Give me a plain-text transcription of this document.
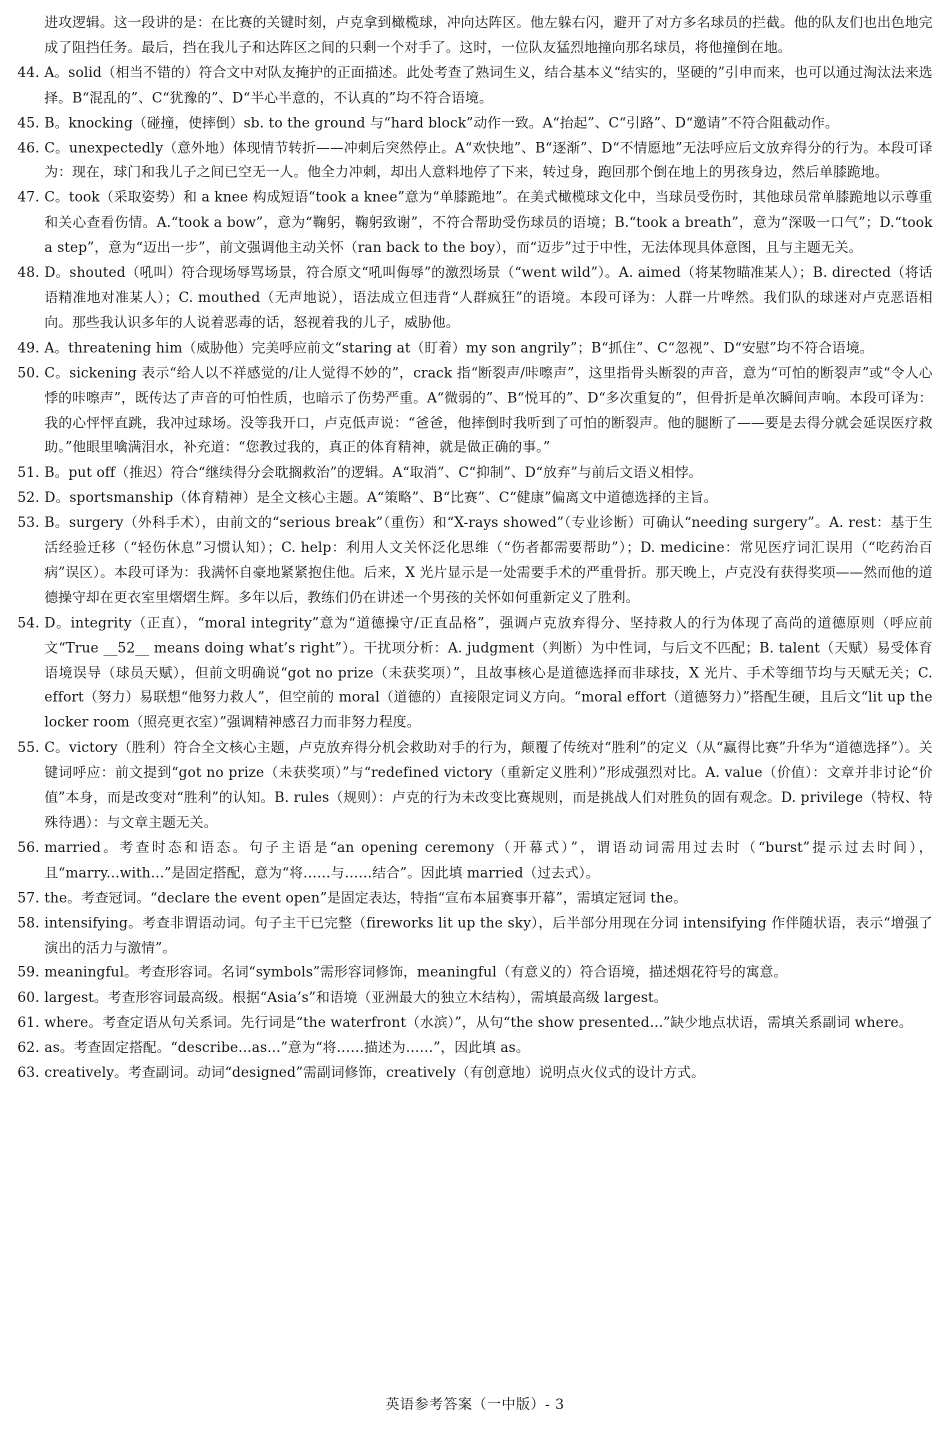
进攻逻辑。这一段讲的是：在比赛的关键时刻，卢克拿到橄榄球，冲向达阵区。他左躲右闪，避开了对方多名球员的拦截。他的队友们也出色地完成了阻挡任务。最后，挡在我儿子和达阵区之间的只剩一个对手了。这时，一位队友猛烈地撞向那名球员，将他撞倒在地。

44. A。solid（相当不错的）符合文中对队友掩护的正面描述。此处考查了熟词生义，结合基本义“结实的，坚硬的”引申而来，也可以通过淘汰法来选择。B“混乱的”、C“犹豫的”、D“半心半意的，不认真的”均不符合语境。
45. B。knocking（碰撞，使摔倒）sb. to the ground 与“hard block”动作一致。A“抬起”、C“引路”、D“邀请”不符合阻截动作。
46. C。unexpectedly（意外地）体现情节转折——冲刺后突然停止。A“欢快地”、B“逐渐”、D“不情愿地”无法呼应后文放弃得分的行为。本段可译为：现在，球门和我儿子之间已空无一人。他全力冲刺，却出人意料地停了下来，转过身，跑回那个倒在地上的男孩身边，然后单膝跪地。
47. C。took（采取姿势）和 a knee 构成短语“took a knee”意为“单膝跪地”。在美式橄榄球文化中，当球员受伤时，其他球员常单膝跪地以示尊重和关心查看伤情。A.“took a bow”，意为“鞠躬，鞠躬致谢”，不符合帮助受伤球员的语境；B.“took a breath”，意为“深吸一口气”；D.“took a step”，意为“迈出一步”，前文强调他主动关怀（ran back to the boy），而“迈步”过于中性，无法体现具体意图，且与主题无关。
48. D。shouted（吼叫）符合现场辱骂场景，符合原文“吼叫侮辱”的激烈场景（“went wild”）。A. aimed（将某物瞄准某人）；B. directed（将话语精准地对准某人）；C. mouthed（无声地说），语法成立但违背“人群疯狂”的语境。本段可译为：人群一片哗然。我们队的球迷对卢克恶语相向。那些我认识多年的人说着恶毒的话，怒视着我的儿子，威胁他。
49. A。threatening him（威胁他）完美呼应前文“staring at（盯着）my son angrily”；B“抓住”、C“忽视”、D“安慰”均不符合语境。
50. C。sickening 表示“给人以不祥感觉的/让人觉得不妙的”，crack 指“断裂声/咔嚓声”，这里指骨头断裂的声音，意为“可怕的断裂声”或“令人心悸的咔嚓声”，既传达了声音的可怕性质，也暗示了伤势严重。A“微弱的”、B“悦耳的”、D“多次重复的”，但骨折是单次瞬间声响。本段可译为：我的心怦怦直跳，我冲过球场。没等我开口，卢克低声说：“爸爸，他摔倒时我听到了可怕的断裂声。他的腿断了——要是去得分就会延误医疗救助。”他眼里噙满泪水，补充道：“您教过我的，真正的体育精神，就是做正确的事。”
51. B。put off（推迟）符合“继续得分会耽搁救治”的逻辑。A“取消”、C“抑制”、D“放弃”与前后文语义相悖。
52. D。sportsmanship（体育精神）是全文核心主题。A“策略”、B“比赛”、C“健康”偏离文中道德选择的主旨。
53. B。surgery（外科手术），由前文的“serious break”（重伤）和“X-rays showed”（专业诊断）可确认“needing surgery”。A. rest：基于生活经验迁移（“轻伤休息”习惯认知）；C. help：利用人文关怀泛化思维（“伤者都需要帮助”）；D. medicine：常见医疗词汇误用（“吃药治百病”误区）。本段可译为：我满怀自豪地紧紧抱住他。后来，X 光片显示是一处需要手术的严重骨折。那天晚上，卢克没有获得奖项——然而他的道德操守却在更衣室里熠熠生辉。多年以后，教练们仍在讲述一个男孩的关怀如何重新定义了胜利。
54. D。integrity（正直），“moral integrity”意为“道德操守/正直品格”，强调卢克放弃得分、坚持救人的行为体现了高尚的道德原则（呼应前文“True __52__ means doing what’s right”）。干扰项分析：A. judgment（判断）为中性词，与后文不匹配；B. talent（天赋）易受体育语境误导（球员天赋），但前文明确说“got no prize（未获奖项）”，且故事核心是道德选择而非球技，X 光片、手术等细节均与天赋无关；C. effort（努力）易联想“他努力救人”，但空前的 moral（道德的）直接限定词义方向。“moral effort（道德努力）”搭配生硬，且后文“lit up the locker room（照亮更衣室）”强调精神感召力而非努力程度。
55. C。victory（胜利）符合全文核心主题，卢克放弃得分机会救助对手的行为，颠覆了传统对“胜利”的定义（从“赢得比赛”升华为“道德选择”）。关键词呼应：前文提到“got no prize（未获奖项）”与“redefined victory（重新定义胜利）”形成强烈对比。A. value（价值）：文章并非讨论“价值”本身，而是改变对“胜利”的认知。B. rules（规则）：卢克的行为未改变比赛规则，而是挑战人们对胜负的固有观念。D. privilege（特权、特殊待遇）：与文章主题无关。
56. married。考查时态和语态。句子主语是“an opening ceremony（开幕式）”，谓语动词需用过去时（“burst”提示过去时间），且“marry...with...”是固定搭配，意为“将……与……结合”。因此填 married（过去式）。
57. the。考查冠词。“declare the event open”是固定表达，特指“宣布本届赛事开幕”，需填定冠词 the。
58. intensifying。考查非谓语动词。句子主干已完整（fireworks lit up the sky），后半部分用现在分词 intensifying 作伴随状语，表示“增强了演出的活力与激情”。
59. meaningful。考查形容词。名词“symbols”需形容词修饰，meaningful（有意义的）符合语境，描述烟花符号的寓意。
60. largest。考查形容词最高级。根据“Asia’s”和语境（亚洲最大的独立木结构），需填最高级 largest。
61. where。考查定语从句关系词。先行词是“the waterfront（水滨）”，从句“the show presented...”缺少地点状语，需填关系副词 where。
62. as。考查固定搭配。“describe...as...”意为“将……描述为……”，因此填 as。
63. creatively。考查副词。动词“designed”需副词修饰，creatively（有创意地）说明点火仪式的设计方式。
英语参考答案（一中版）- 3
